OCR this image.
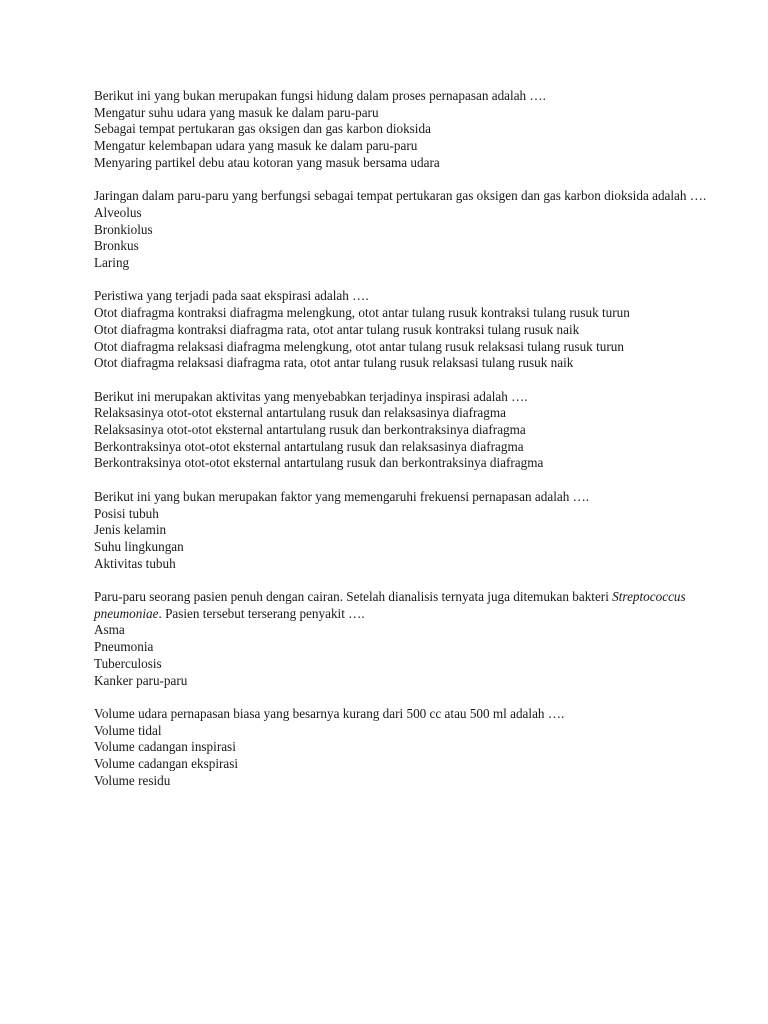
Berikut ini yang bukan merupakan fungsi hidung dalam proses pernapasan adalah ….
Mengatur suhu udara yang masuk ke dalam paru-paru
Sebagai tempat pertukaran gas oksigen dan gas karbon dioksida
Mengatur kelembapan udara yang masuk ke dalam paru-paru
Menyaring partikel debu atau kotoran yang masuk bersama udara
Jaringan dalam paru-paru yang berfungsi sebagai tempat pertukaran gas oksigen dan gas karbon dioksida adalah ….
Alveolus
Bronkiolus
Bronkus
Laring
Peristiwa yang terjadi pada saat ekspirasi adalah ….
Otot diafragma kontraksi diafragma melengkung, otot antar tulang rusuk kontraksi tulang rusuk turun
Otot diafragma kontraksi diafragma rata, otot antar tulang rusuk kontraksi tulang rusuk naik
Otot diafragma relaksasi diafragma melengkung, otot antar tulang rusuk relaksasi tulang rusuk turun
Otot diafragma relaksasi diafragma rata, otot antar tulang rusuk relaksasi tulang rusuk naik
Berikut ini merupakan aktivitas yang menyebabkan terjadinya inspirasi adalah ….
Relaksasinya otot-otot eksternal antartulang rusuk dan relaksasinya diafragma
Relaksasinya otot-otot eksternal antartulang rusuk dan berkontraksinya diafragma
Berkontraksinya otot-otot eksternal antartulang rusuk dan relaksasinya diafragma
Berkontraksinya otot-otot eksternal antartulang rusuk dan berkontraksinya diafragma
Berikut ini yang bukan merupakan faktor yang memengaruhi frekuensi pernapasan adalah ….
Posisi tubuh
Jenis kelamin
Suhu lingkungan
Aktivitas tubuh
Paru-paru seorang pasien penuh dengan cairan. Setelah dianalisis ternyata juga ditemukan bakteri Streptococcus pneumoniae. Pasien tersebut terserang penyakit ….
Asma
Pneumonia
Tuberculosis
Kanker paru-paru
Volume udara pernapasan biasa yang besarnya kurang dari 500 cc atau 500 ml adalah ….
Volume tidal
Volume cadangan inspirasi
Volume cadangan ekspirasi
Volume residu
